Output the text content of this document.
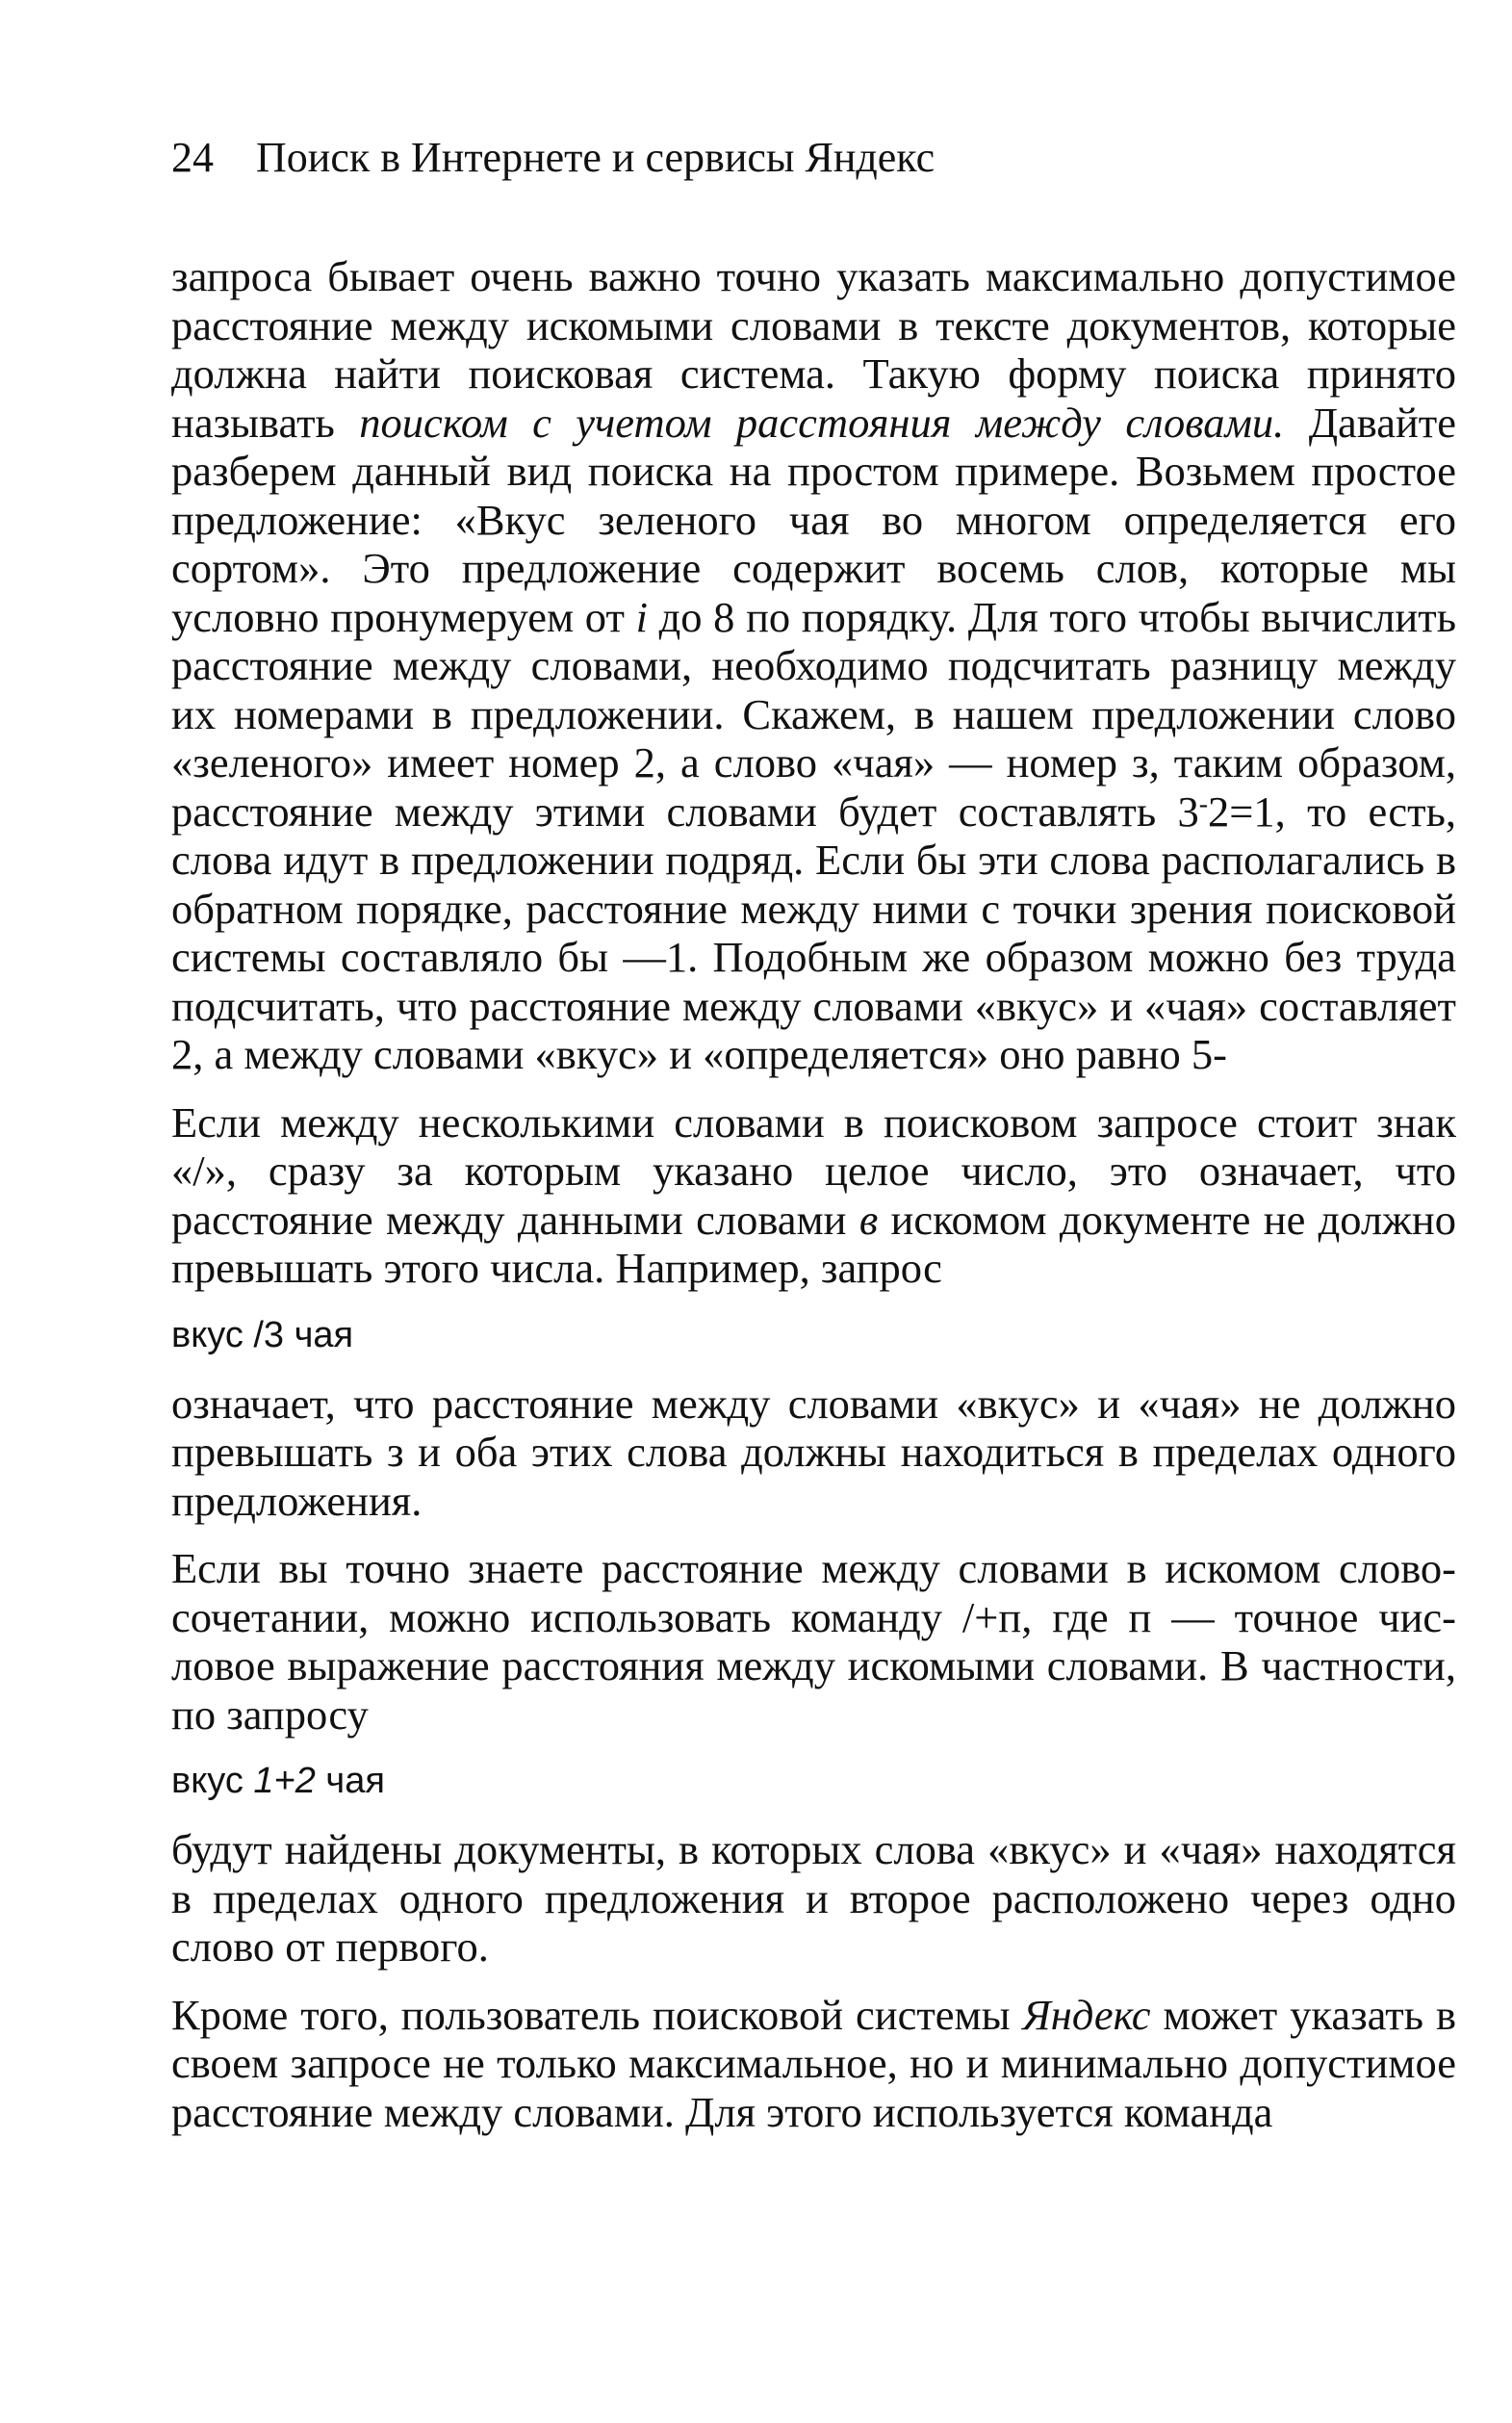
24 Поиск в Интернете и сервисы Яндекс

запроса бывает очень важно точно указать максимально допустимое расстояние между искомыми словами в тексте документов, которые должна найти поисковая система. Такую форму поиска принято называть поиском с учетом расстояния между словами. Давайте разберем данный вид поиска на простом примере. Возьмем простое предложение: «Вкус зеленого чая во многом определяется его сортом». Это предложение содержит восемь слов, которые мы условно пронумеруем от i до 8 по порядку. Для того чтобы вычислить расстояние между словами, необходимо подсчитать разницу между их номерами в предложении. Скажем, в нашем предложении слово «зеленого» имеет номер 2, а слово «чая» — номер з, таким образом, расстояние между этими словами будет составлять 3-2=1, то есть, слова идут в предложении подряд. Если бы эти слова располагались в обратном порядке, расстояние между ними с точки зрения поисковой системы составляло бы —1. Подобным же образом можно без труда подсчитать, что расстояние между словами «вкус» и «чая» составляет 2, а между словами «вкус» и «определяется» оно равно 5-

Если между несколькими словами в поисковом запросе стоит знак «/», сразу за которым указано целое число, это означает, что расстояние между данными словами в искомом документе не должно превышать этого числа. Например, запрос

вкус /3 чая

означает, что расстояние между словами «вкус» и «чая» не должно превышать з и оба этих слова должны находиться в пределах одного предложения.

Если вы точно знаете расстояние между словами в искомом словосочетании, можно использовать команду /+п, где п — точное числовое выражение расстояния между искомыми словами. В частности, по запросу

вкус 1+2 чая

будут найдены документы, в которых слова «вкус» и «чая» находятся в пределах одного предложения и второе расположено через одно слово от первого.

Кроме того, пользователь поисковой системы Яндекс может указать в своем запросе не только максимальное, но и минимально допустимое расстояние между словами. Для этого используется команда
